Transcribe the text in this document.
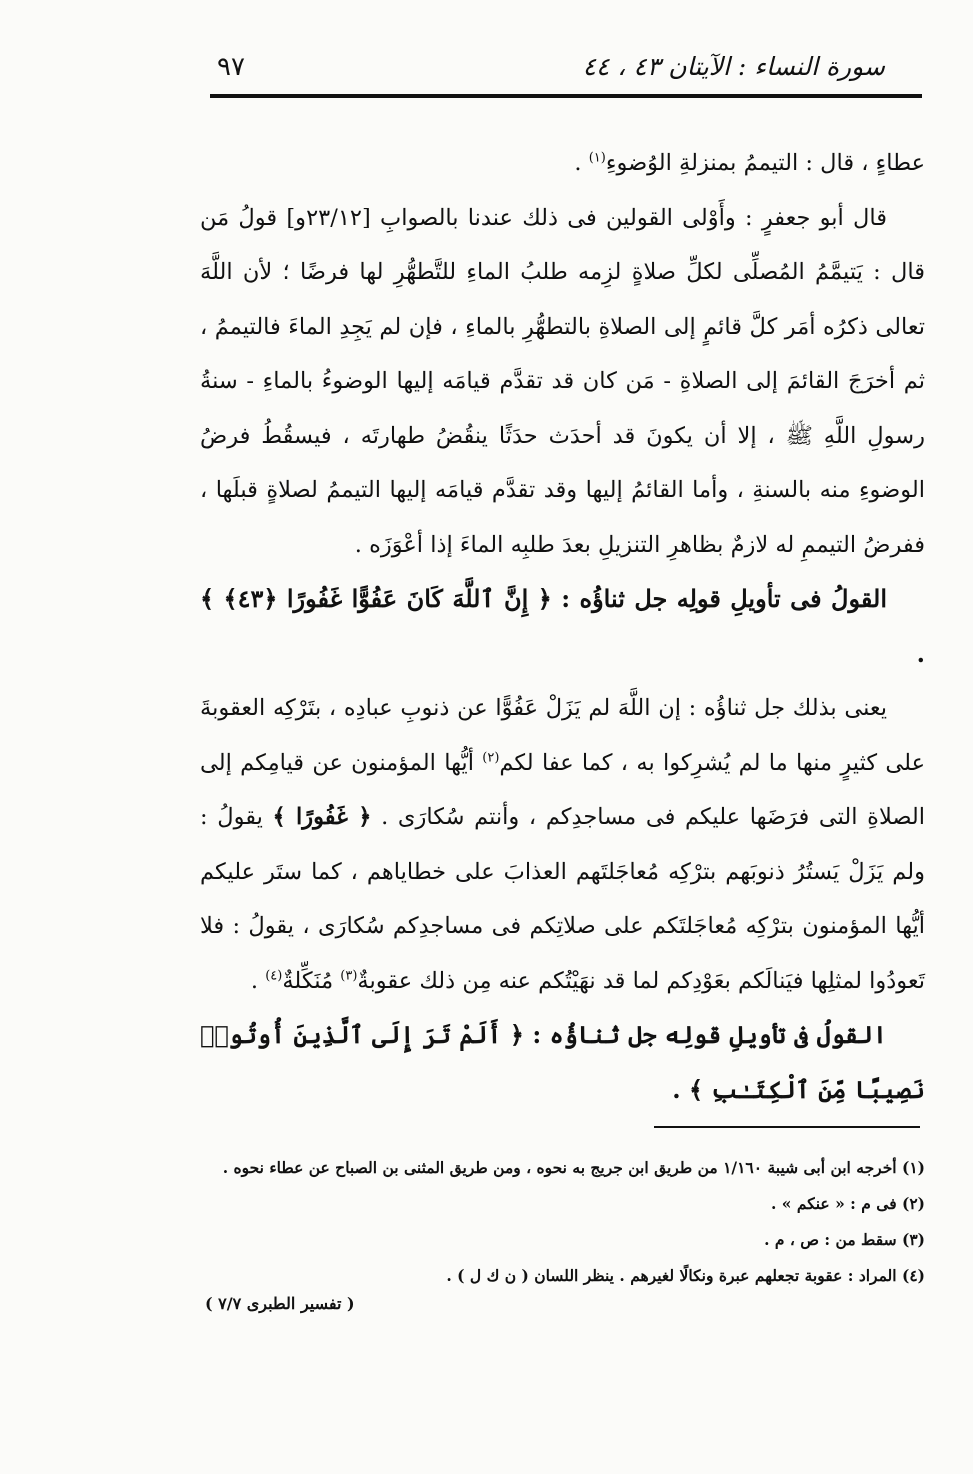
٩٧	سورة النساء : الآيتان ٤٣ ، ٤٤

عطاءٍ ، قال : التيممُ بمنزلةِ الوُضوءِ$^{(١)}$ .

قال أبو جعفرٍ : وأَوْلى القولين فى ذلك عندنا بالصوابِ [٢٣/١٢و] قولُ مَن قال : يَتيمَّمُ المُصلِّى لكلِّ صلاةٍ لزِمه طلبُ الماءِ للتَّطهُّرِ لها فرضًا ؛ لأن اللَّهَ تعالى ذكرُه أمَر كلَّ قائمٍ إلى الصلاةِ بالتطهُّرِ بالماءِ ، فإن لم يَجِدِ الماءَ فالتيممُ ، ثم أخرَجَ القائمَ إلى الصلاةِ - مَن كان قد تقدَّم قيامَه إليها الوضوءُ بالماءِ - سنةُ رسولِ اللَّهِ ﷺ ، إلا أن يكونَ قد أحدَث حدَثًا ينقُضُ طهارتَه ، فيسقُطُ فرضُ الوضوءِ منه بالسنةِ ، وأما القائمُ إليها وقد تقدَّم قيامَه إليها التيممُ لصلاةٍ قبلَها ، ففرضُ التيممِ له لازمٌ بظاهرِ التنزيلِ بعدَ طلبِه الماءَ إذا أعْوَزَه .

القولُ فى تأويلِ قولِه جل ثناؤُه : ﴿ إِنَّ ٱللَّهَ كَانَ عَفُوًّا غَفُورًا ﴿٤٣﴾ ﴾ .

يعنى بذلك جل ثناؤُه : إن اللَّهَ لم يَزَلْ عَفُوًّا عن ذنوبِ عبادِه ، بتَرْكِه العقوبةَ على كثيرٍ منها ما لم يُشرِكوا به ، كما عفا لكم$^{(٢)}$ أيُّها المؤمنون عن قيامِكم إلى الصلاةِ التى فرَضَها عليكم فى مساجدِكم ، وأنتم سُكارَى . ﴿ غَفُورًا ﴾ يقولُ : ولم يَزَلْ يَستُرُ ذنوبَهم بترْكِه مُعاجَلتَهم العذابَ على خطاياهم ، كما ستَر عليكم أيُّها المؤمنون بترْكِه مُعاجَلتَكم على صلاتِكم فى مساجدِكم سُكارَى ، يقولُ : فلا تَعودُوا لمثلِها فيَنالَكم بعَوْدِكم لما قد نهَيْتُكم عنه مِن ذلك عقوبةٌ$^{(٣)}$ مُنَكِّلةٌ$^{(٤)}$ .

القولُ فى تأويلِ قولِه جل ثناؤُه : ﴿ أَلَمْ تَرَ إِلَى ٱلَّذِينَ أُوتُوا۟ نَصِيبًا مِّنَ ٱلْكِتَـٰبِ ﴾ .

(١) أخرجه ابن أبى شيبة ١/١٦٠ من طريق ابن جريج به نحوه ، ومن طريق المثنى بن الصباح عن عطاء نحوه .
(٢) فى م : « عنكم » .
(٣) سقط من : ص ، م .
(٤) المراد : عقوبة تجعلهم عبرة ونكالًا لغيرهم . ينظر اللسان ( ن ك ل ) .
( تفسير الطبرى ٧/٧ )
